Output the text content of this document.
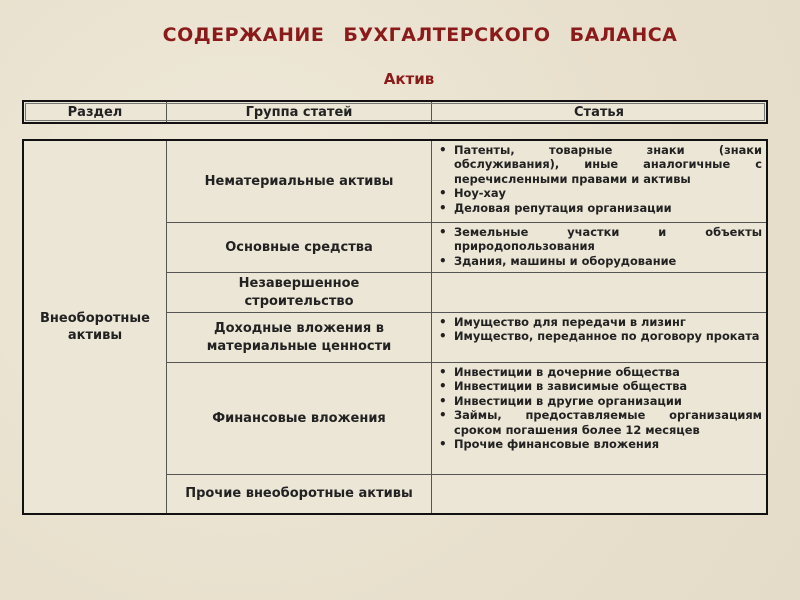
СОДЕРЖАНИЕ БУХГАЛТЕРСКОГО БАЛАНСА
Актив
Раздел	Группа статей	Статья
Внеоборотные активы
Нематериальные активы
• Патенты, товарные знаки (знаки обслуживания), иные аналогичные с перечисленными правами и активы
• Ноу-хау
• Деловая репутация организации
Основные средства
• Земельные участки и объекты природопользования
• Здания, машины и оборудование
Незавершенное строительство
Доходные вложения в материальные ценности
• Имущество для передачи в лизинг
• Имущество, переданное по договору проката
Финансовые вложения
• Инвестиции в дочерние общества
• Инвестиции в зависимые общества
• Инвестиции в другие организации
• Займы, предоставляемые организациям сроком погашения более 12 месяцев
• Прочие финансовые вложения
Прочие внеоборотные активы
